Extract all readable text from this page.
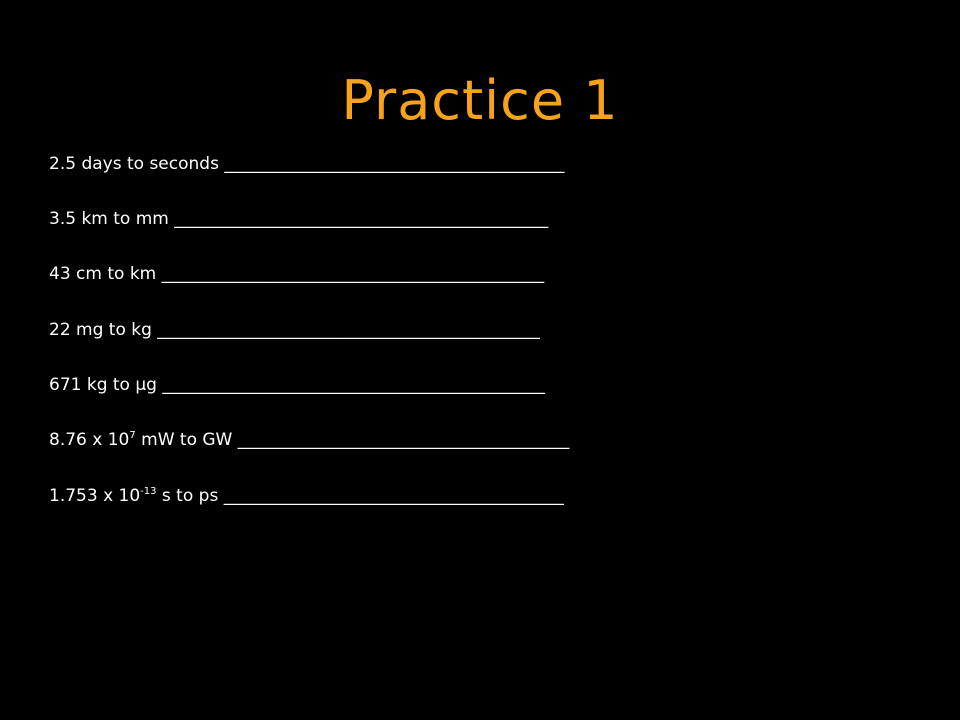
Practice 1
2.5 days to seconds ________________________________________
3.5 km to mm ____________________________________________
43 cm to km _____________________________________________
22 mg to kg _____________________________________________
671 kg to µg _____________________________________________
8.76 x $10^7$ mW to GW _______________________________________
1.753 x $10^{-13}$ s to ps ________________________________________
